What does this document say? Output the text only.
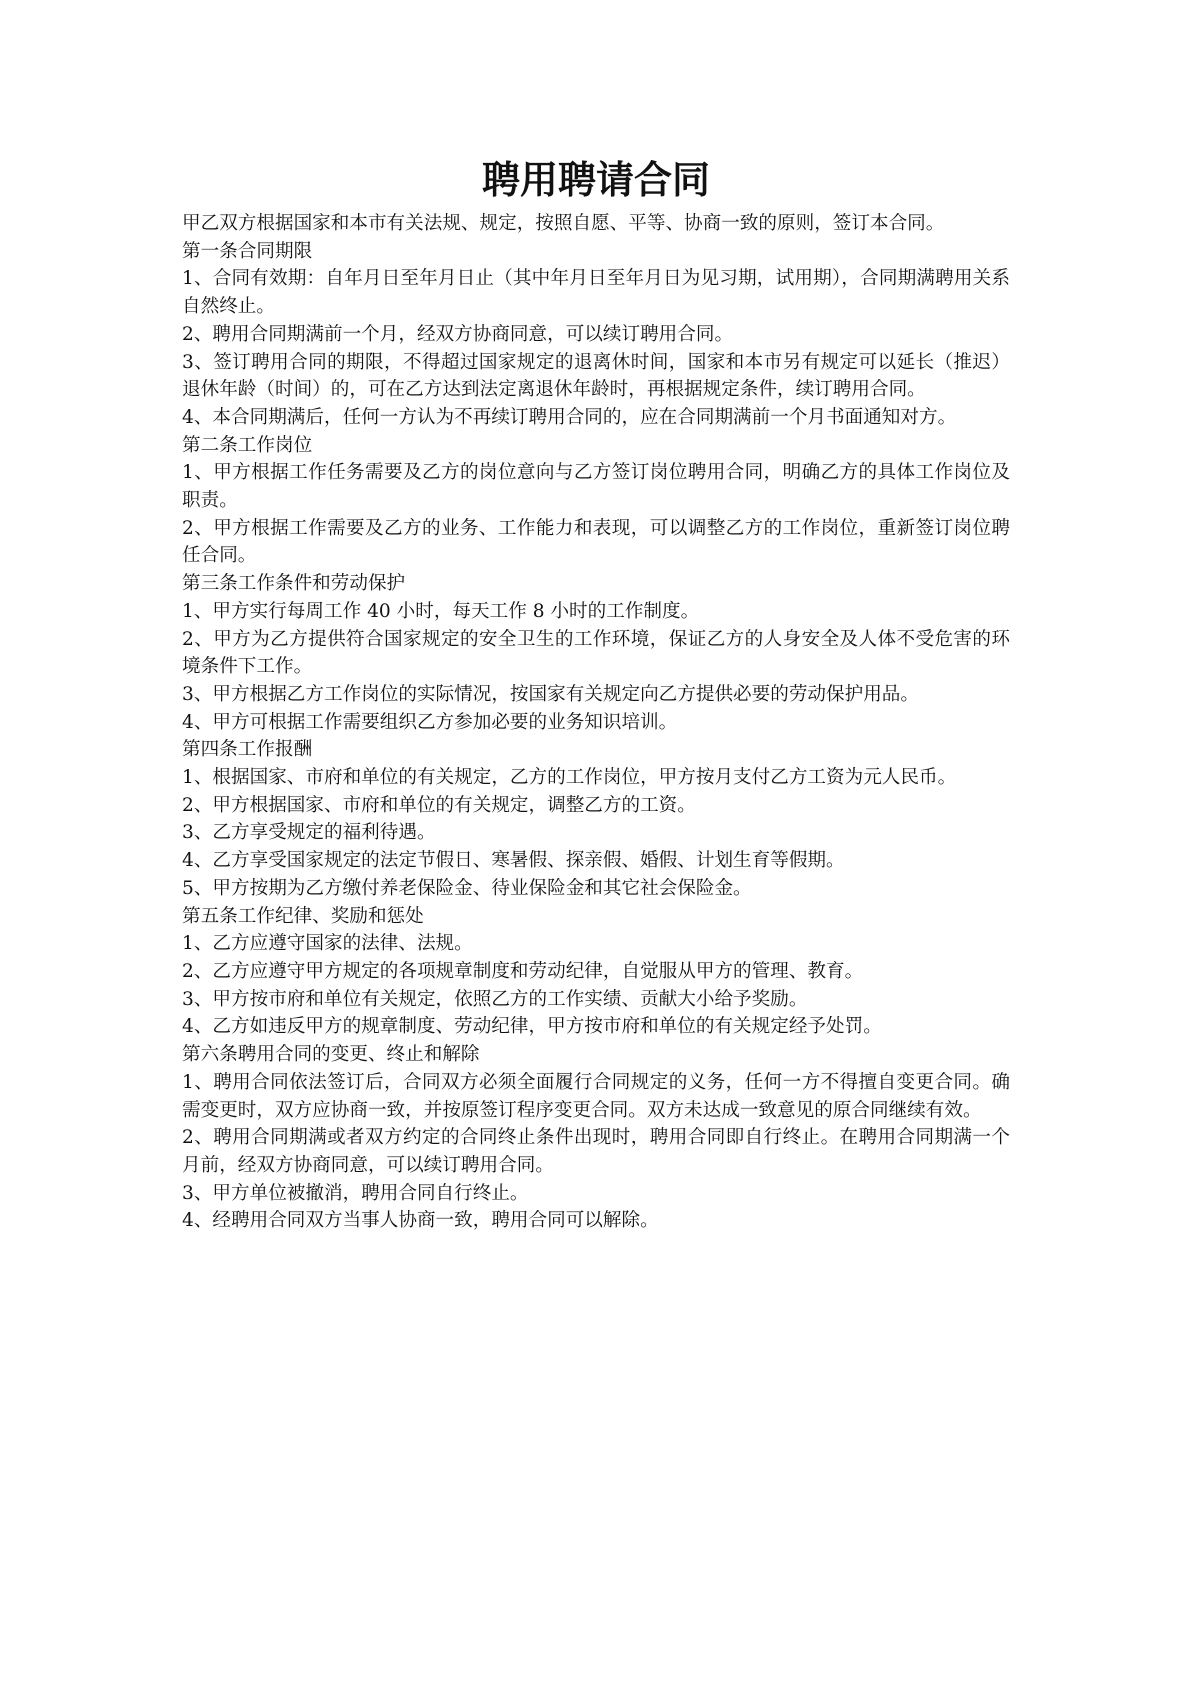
聘用聘请合同

甲乙双方根据国家和本市有关法规、规定，按照自愿、平等、协商一致的原则，签订本合同。

第一条合同期限

1、合同有效期：自年月日至年月日止（其中年月日至年月日为见习期，试用期），合同期满聘用关系自然终止。

2、聘用合同期满前一个月，经双方协商同意，可以续订聘用合同。

3、签订聘用合同的期限，不得超过国家规定的退离休时间，国家和本市另有规定可以延长（推迟）退休年龄（时间）的，可在乙方达到法定离退休年龄时，再根据规定条件，续订聘用合同。

4、本合同期满后，任何一方认为不再续订聘用合同的，应在合同期满前一个月书面通知对方。

第二条工作岗位

1、甲方根据工作任务需要及乙方的岗位意向与乙方签订岗位聘用合同，明确乙方的具体工作岗位及职责。

2、甲方根据工作需要及乙方的业务、工作能力和表现，可以调整乙方的工作岗位，重新签订岗位聘任合同。

第三条工作条件和劳动保护

1、甲方实行每周工作 40 小时，每天工作 8 小时的工作制度。

2、甲方为乙方提供符合国家规定的安全卫生的工作环境，保证乙方的人身安全及人体不受危害的环境条件下工作。

3、甲方根据乙方工作岗位的实际情况，按国家有关规定向乙方提供必要的劳动保护用品。

4、甲方可根据工作需要组织乙方参加必要的业务知识培训。

第四条工作报酬

1、根据国家、市府和单位的有关规定，乙方的工作岗位，甲方按月支付乙方工资为元人民币。

2、甲方根据国家、市府和单位的有关规定，调整乙方的工资。

3、乙方享受规定的福利待遇。

4、乙方享受国家规定的法定节假日、寒暑假、探亲假、婚假、计划生育等假期。

5、甲方按期为乙方缴付养老保险金、待业保险金和其它社会保险金。

第五条工作纪律、奖励和惩处

1、乙方应遵守国家的法律、法规。

2、乙方应遵守甲方规定的各项规章制度和劳动纪律，自觉服从甲方的管理、教育。

3、甲方按市府和单位有关规定，依照乙方的工作实绩、贡献大小给予奖励。

4、乙方如违反甲方的规章制度、劳动纪律，甲方按市府和单位的有关规定经予处罚。

第六条聘用合同的变更、终止和解除

1、聘用合同依法签订后，合同双方必须全面履行合同规定的义务，任何一方不得擅自变更合同。确需变更时，双方应协商一致，并按原签订程序变更合同。双方未达成一致意见的原合同继续有效。

2、聘用合同期满或者双方约定的合同终止条件出现时，聘用合同即自行终止。在聘用合同期满一个月前，经双方协商同意，可以续订聘用合同。

3、甲方单位被撤消，聘用合同自行终止。

4、经聘用合同双方当事人协商一致，聘用合同可以解除。
